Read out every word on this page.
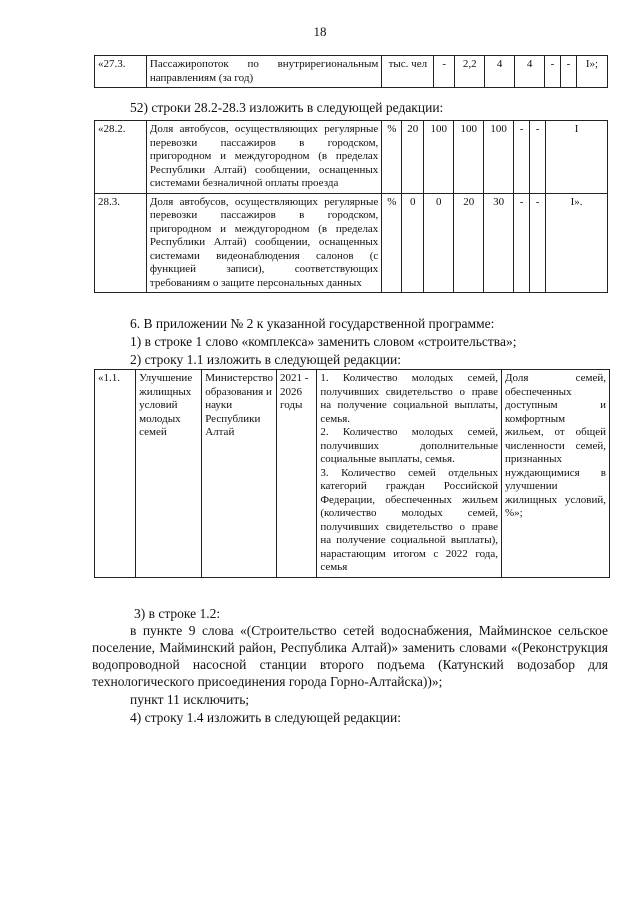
18
«27.3.	Пассажиропоток по внутрирегиональным направлениям (за год)	тыс. чел	-	2,2	4	4	-	-	I»;
52) строки 28.2-28.3 изложить в следующей редакции:
«28.2.	Доля автобусов, осуществляющих регулярные перевозки пассажиров в городском, пригородном и междугородном (в пределах Республики Алтай) сообщении, оснащенных системами безналичной оплаты проезда	%	20	100	100	100	-	-	I
28.3.	Доля автобусов, осуществляющих регулярные перевозки пассажиров в городском, пригородном и междугородном (в пределах Республики Алтай) сообщении, оснащенных системами видеонаблюдения салонов (с функцией записи), соответствующих требованиям о защите персональных данных	%	0	0	20	30	-	-	I».
6. В приложении № 2 к указанной государственной программе:
1) в строке 1 слово «комплекса» заменить словом «строительства»;
2) строку 1.1 изложить в следующей редакции:
«1.1.	Улучшение жилищных условий молодых семей	Министерство образования и науки Республики Алтай	2021 - 2026 годы	
1. Количество молодых семей, получивших свидетельство о праве на получение социальной выплаты, семья.
2. Количество молодых семей, получивших дополнительные социальные выплаты, семья.
3. Количество семей отдельных категорий граждан Российской Федерации, обеспеченных жильем (количество молодых семей, получивших свидетельство о праве на получение социальной выплаты), нарастающим итогом с 2022 года, семья
	Доля семей, обеспеченных доступным и комфортным жильем, от общей численности семей, признанных нуждающимися в улучшении жилищных условий, %»;
3) в строке 1.2:
в пункте 9 слова «(Строительство сетей водоснабжения, Майминское сельское поселение, Майминский район, Республика Алтай)» заменить словами «(Реконструкция водопроводной насосной станции второго подъема (Катунский водозабор для технологического присоединения города Горно-Алтайска))»;
пункт 11 исключить;
4) строку 1.4 изложить в следующей редакции:
